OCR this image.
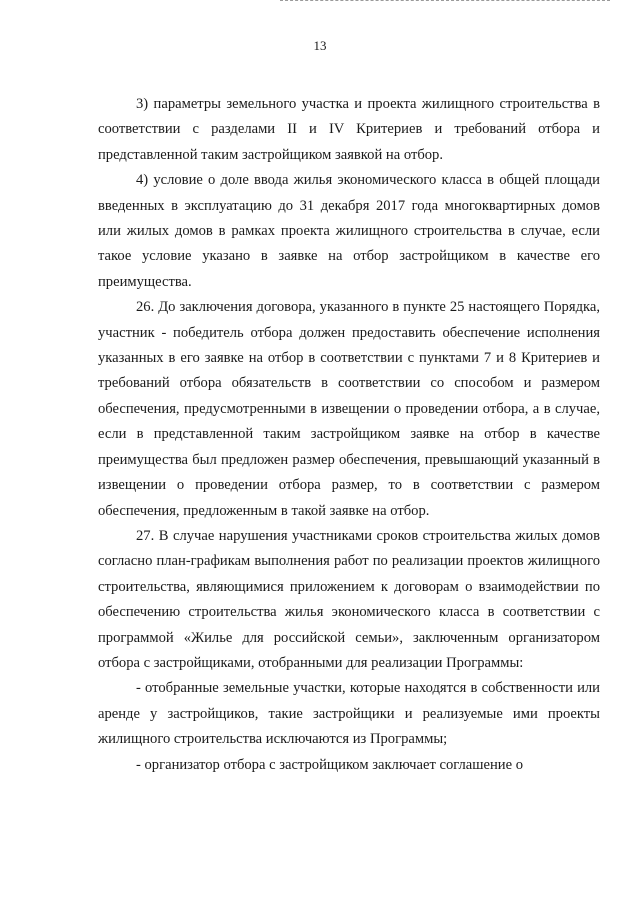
13

3) параметры земельного участка и проекта жилищного строительства в соответствии с разделами II и IV Критериев и требований отбора и представленной таким застройщиком заявкой на отбор.

4) условие о доле ввода жилья экономического класса в общей площади введенных в эксплуатацию до 31 декабря 2017 года многоквартирных домов или жилых домов в рамках проекта жилищного строительства в случае, если такое условие указано в заявке на отбор застройщиком в качестве его преимущества.

26. До заключения договора, указанного в пункте 25 настоящего Порядка, участник - победитель отбора должен предоставить обеспечение исполнения указанных в его заявке на отбор в соответствии с пунктами 7 и 8 Критериев и требований отбора обязательств в соответствии со способом и размером обеспечения, предусмотренными в извещении о проведении отбора, а в случае, если в представленной таким застройщиком заявке на отбор в качестве преимущества был предложен размер обеспечения, превышающий указанный в извещении о проведении отбора размер, то в соответствии с размером обеспечения, предложенным в такой заявке на отбор.

27. В случае нарушения участниками сроков строительства жилых домов согласно план-графикам выполнения работ по реализации проектов жилищного строительства, являющимися приложением к договорам о взаимодействии по обеспечению строительства жилья экономического класса в соответствии с программой «Жилье для российской семьи», заключенным организатором отбора с застройщиками, отобранными для реализации Программы:

- отобранные земельные участки, которые находятся в собственности или аренде у застройщиков, такие застройщики и реализуемые ими проекты жилищного строительства исключаются из Программы;

- организатор отбора с застройщиком заключает соглашение о
